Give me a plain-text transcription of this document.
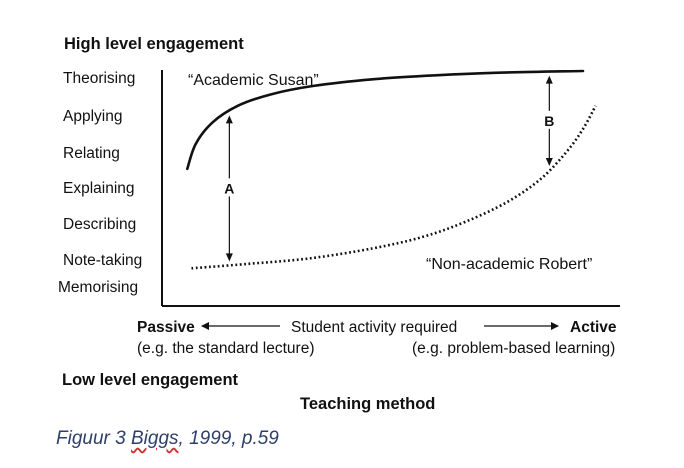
High level engagement
Theorising
Applying
Relating
Explaining
Describing
Note-taking
Memorising
“Academic Susan”
“Non-academic Robert”
A
B
Passive	Student activity required	Active
(e.g. the standard lecture)	(e.g. problem-based learning)
Low level engagement
Teaching method
Figuur 3 Biggs, 1999, p.59
